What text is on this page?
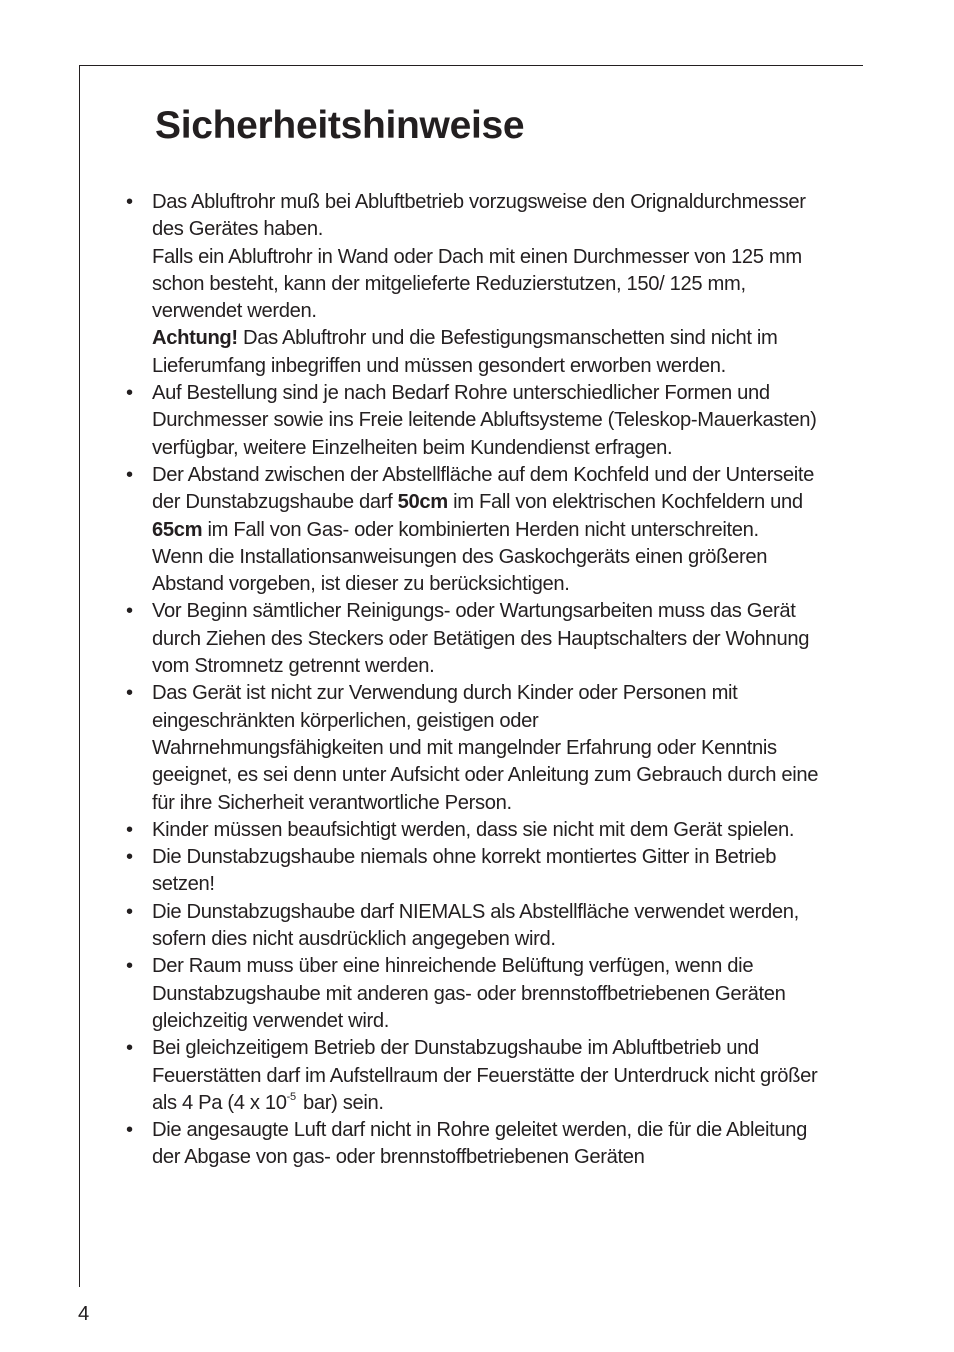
Sicherheitshinweise
• Das Abluftrohr muß bei Abluftbetrieb vorzugsweise den Orignaldurchmesser des Gerätes haben.

Falls ein Abluftrohr in Wand oder Dach mit einen Durchmesser von 125 mm schon besteht, kann der mitgelieferte Reduzierstutzen, 150/ 125 mm, verwendet werden.

Achtung! Das Abluftrohr und die Befestigungsmanschetten sind nicht im Lieferumfang inbegriffen und müssen gesondert erworben werden.

• Auf Bestellung sind je nach Bedarf Rohre unterschiedlicher Formen und Durchmesser sowie ins Freie leitende Abluftsysteme (Teleskop-Mauerkasten) verfügbar, weitere Einzelheiten beim Kundendienst erfragen.

• Der Abstand zwischen der Abstellfläche auf dem Kochfeld und der Unterseite der Dunstabzugshaube darf 50cm im Fall von elektrischen Kochfeldern und 65cm im Fall von Gas- oder kombinierten Herden nicht unterschreiten.

Wenn die Installationsanweisungen des Gaskochgeräts einen größeren Abstand vorgeben, ist dieser zu berücksichtigen.

• Vor Beginn sämtlicher Reinigungs- oder Wartungsarbeiten muss das Gerät durch Ziehen des Steckers oder Betätigen des Hauptschalters der Wohnung vom Stromnetz getrennt werden.

• Das Gerät ist nicht zur Verwendung durch Kinder oder Personen mit

eingeschränkten körperlichen, geistigen oder

Wahrnehmungsfähigkeiten und mit mangelnder Erfahrung oder Kenntnis geeignet, es sei denn unter Aufsicht oder Anleitung zum Gebrauch durch eine für ihre Sicherheit verantwortliche Person.

• Kinder müssen beaufsichtigt werden, dass sie nicht mit dem Gerät spielen.

• Die Dunstabzugshaube niemals ohne korrekt montiertes Gitter in Betrieb setzen!

• Die Dunstabzugshaube darf NIEMALS als Abstellfläche verwendet werden, sofern dies nicht ausdrücklich angegeben wird.

• Der Raum muss über eine hinreichende Belüftung verfügen, wenn die Dunstabzugshaube mit anderen gas- oder brennstoffbetriebenen Geräten gleichzeitig verwendet wird.

• Bei gleichzeitigem Betrieb der Dunstabzugshaube im Abluftbetrieb und Feuerstätten darf im Aufstellraum der Feuerstätte der Unterdruck nicht größer als 4 Pa (4 x $10^{-5}$ bar) sein.

• Die angesaugte Luft darf nicht in Rohre geleitet werden, die für die Ableitung der Abgase von gas- oder brennstoffbetriebenen Geräten

4
